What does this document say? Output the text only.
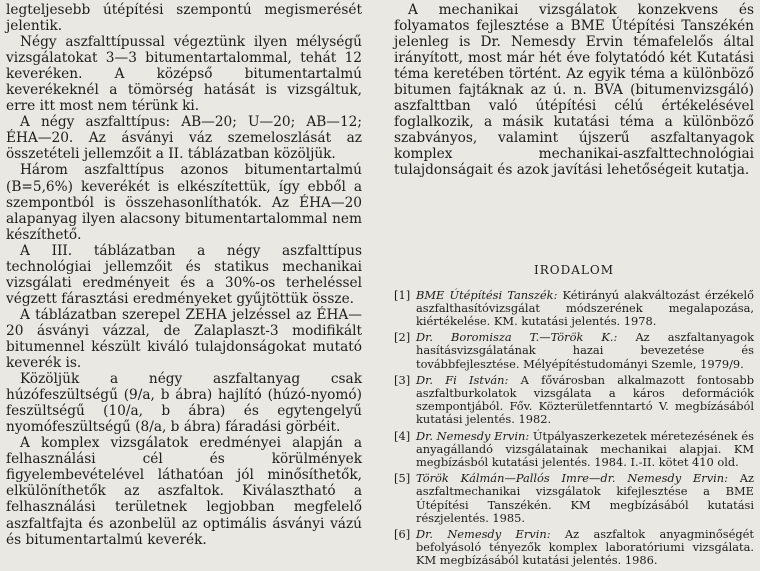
legteljesebb útépítési szempontú megismerését jelentik.

Négy aszfalttípussal végeztünk ilyen mélységű vizsgálatokat 3—3 bitumentartalommal, tehát 12 keveréken. A középső bitumentartalmú keverékeknél a tömörség hatását is vizsgáltuk, erre itt most nem térünk ki.

A négy aszfalttípus: AB—20; U—20; AB—12; ÉHA—20. Az ásványi váz szemeloszlását az összetételi jellemzőit a II. táblázatban közöljük.

Három aszfalttípus azonos bitumentartalmú (B=5,6%) keverékét is elkészítettük, így ebből a szempontból is összehasonlíthatók. Az ÉHA—20 alapanyag ilyen alacsony bitumentartalommal nem készíthető.

A III. táblázatban a négy aszfalttípus technológiai jellemzőit és statikus mechanikai vizsgálati eredményeit és a 30%-os terheléssel végzett fárasztási eredményeket gyűjtöttük össze.

A táblázatban szerepel ZEHA jelzéssel az ÉHA—20 ásványi vázzal, de Zalaplaszt-3 modifikált bitumennel készült kiváló tulajdonságokat mutató keverék is.

Közöljük a négy aszfaltanyag csak húzófeszültségű (9/a, b ábra) hajlító (húzó-nyomó) feszültségű (10/a, b ábra) és egytengelyű nyomófeszültségű (8/a, b ábra) fáradási görbéit.

A komplex vizsgálatok eredményei alapján a felhasználási cél és körülmények figyelembevételével láthatóan jól minősíthetők, elkülöníthetők az aszfaltok. Kiválasztható a felhasználási területnek legjobban megfelelő aszfaltfajta és azonbelül az optimális ásványi vázú és bitumentartalmú keverék.

A mechanikai vizsgálatok konzekvens és folyamatos fejlesztése a BME Útépítési Tanszékén jelenleg is Dr. Nemesdy Ervin témafelelős által irányított, most már hét éve folytatódó két Kutatási téma keretében történt. Az egyik téma a különböző bitumen fajtáknak az ú. n. BVA (bitumenvizsgáló) aszfalttban való útépítési célú értékelésével foglalkozik, a másik kutatási téma a különböző szabványos, valamint újszerű aszfaltanyagok komplex mechanikai-aszfalttechnológiai tulajdonságait és azok javítási lehetőségeit kutatja.

IRODALOM
[1] BME Útépítési Tanszék: Kétirányú alakváltozást érzékelő aszfalthasítóvizsgálat módszerének megalapozása, kiértékelése. KM. kutatási jelentés. 1978.
[2] Dr. Boromisza T.—Török K.: Az aszfaltanyagok hasításvizsgálatának hazai bevezetése és továbbfejlesztése. Mélyépítéstudományi Szemle, 1979/9.
[3] Dr. Fi István: A fővárosban alkalmazott fontosabb aszfaltburkolatok vizsgálata a káros deformációk szempontjából. Főv. Közterületfenntartó V. megbízásából kutatási jelentés. 1982.
[4] Dr. Nemesdy Ervin: Útpályaszerkezetek méretezésének és anyagállandó vizsgálatainak mechanikai alapjai. KM megbízásból kutatási jelentés. 1984. I.-II. kötet 410 old.
[5] Török Kálmán—Pallós Imre—dr. Nemesdy Ervin: Az aszfaltmechanikai vizsgálatok kifejlesztése a BME Útépítési Tanszékén. KM megbízásából kutatási részjelentés. 1985.
[6] Dr. Nemesdy Ervin: Az aszfaltok anyagminőségét befolyásoló tényezők komplex laboratóriumi vizsgálata. KM megbízásából kutatási jelentés. 1986.
